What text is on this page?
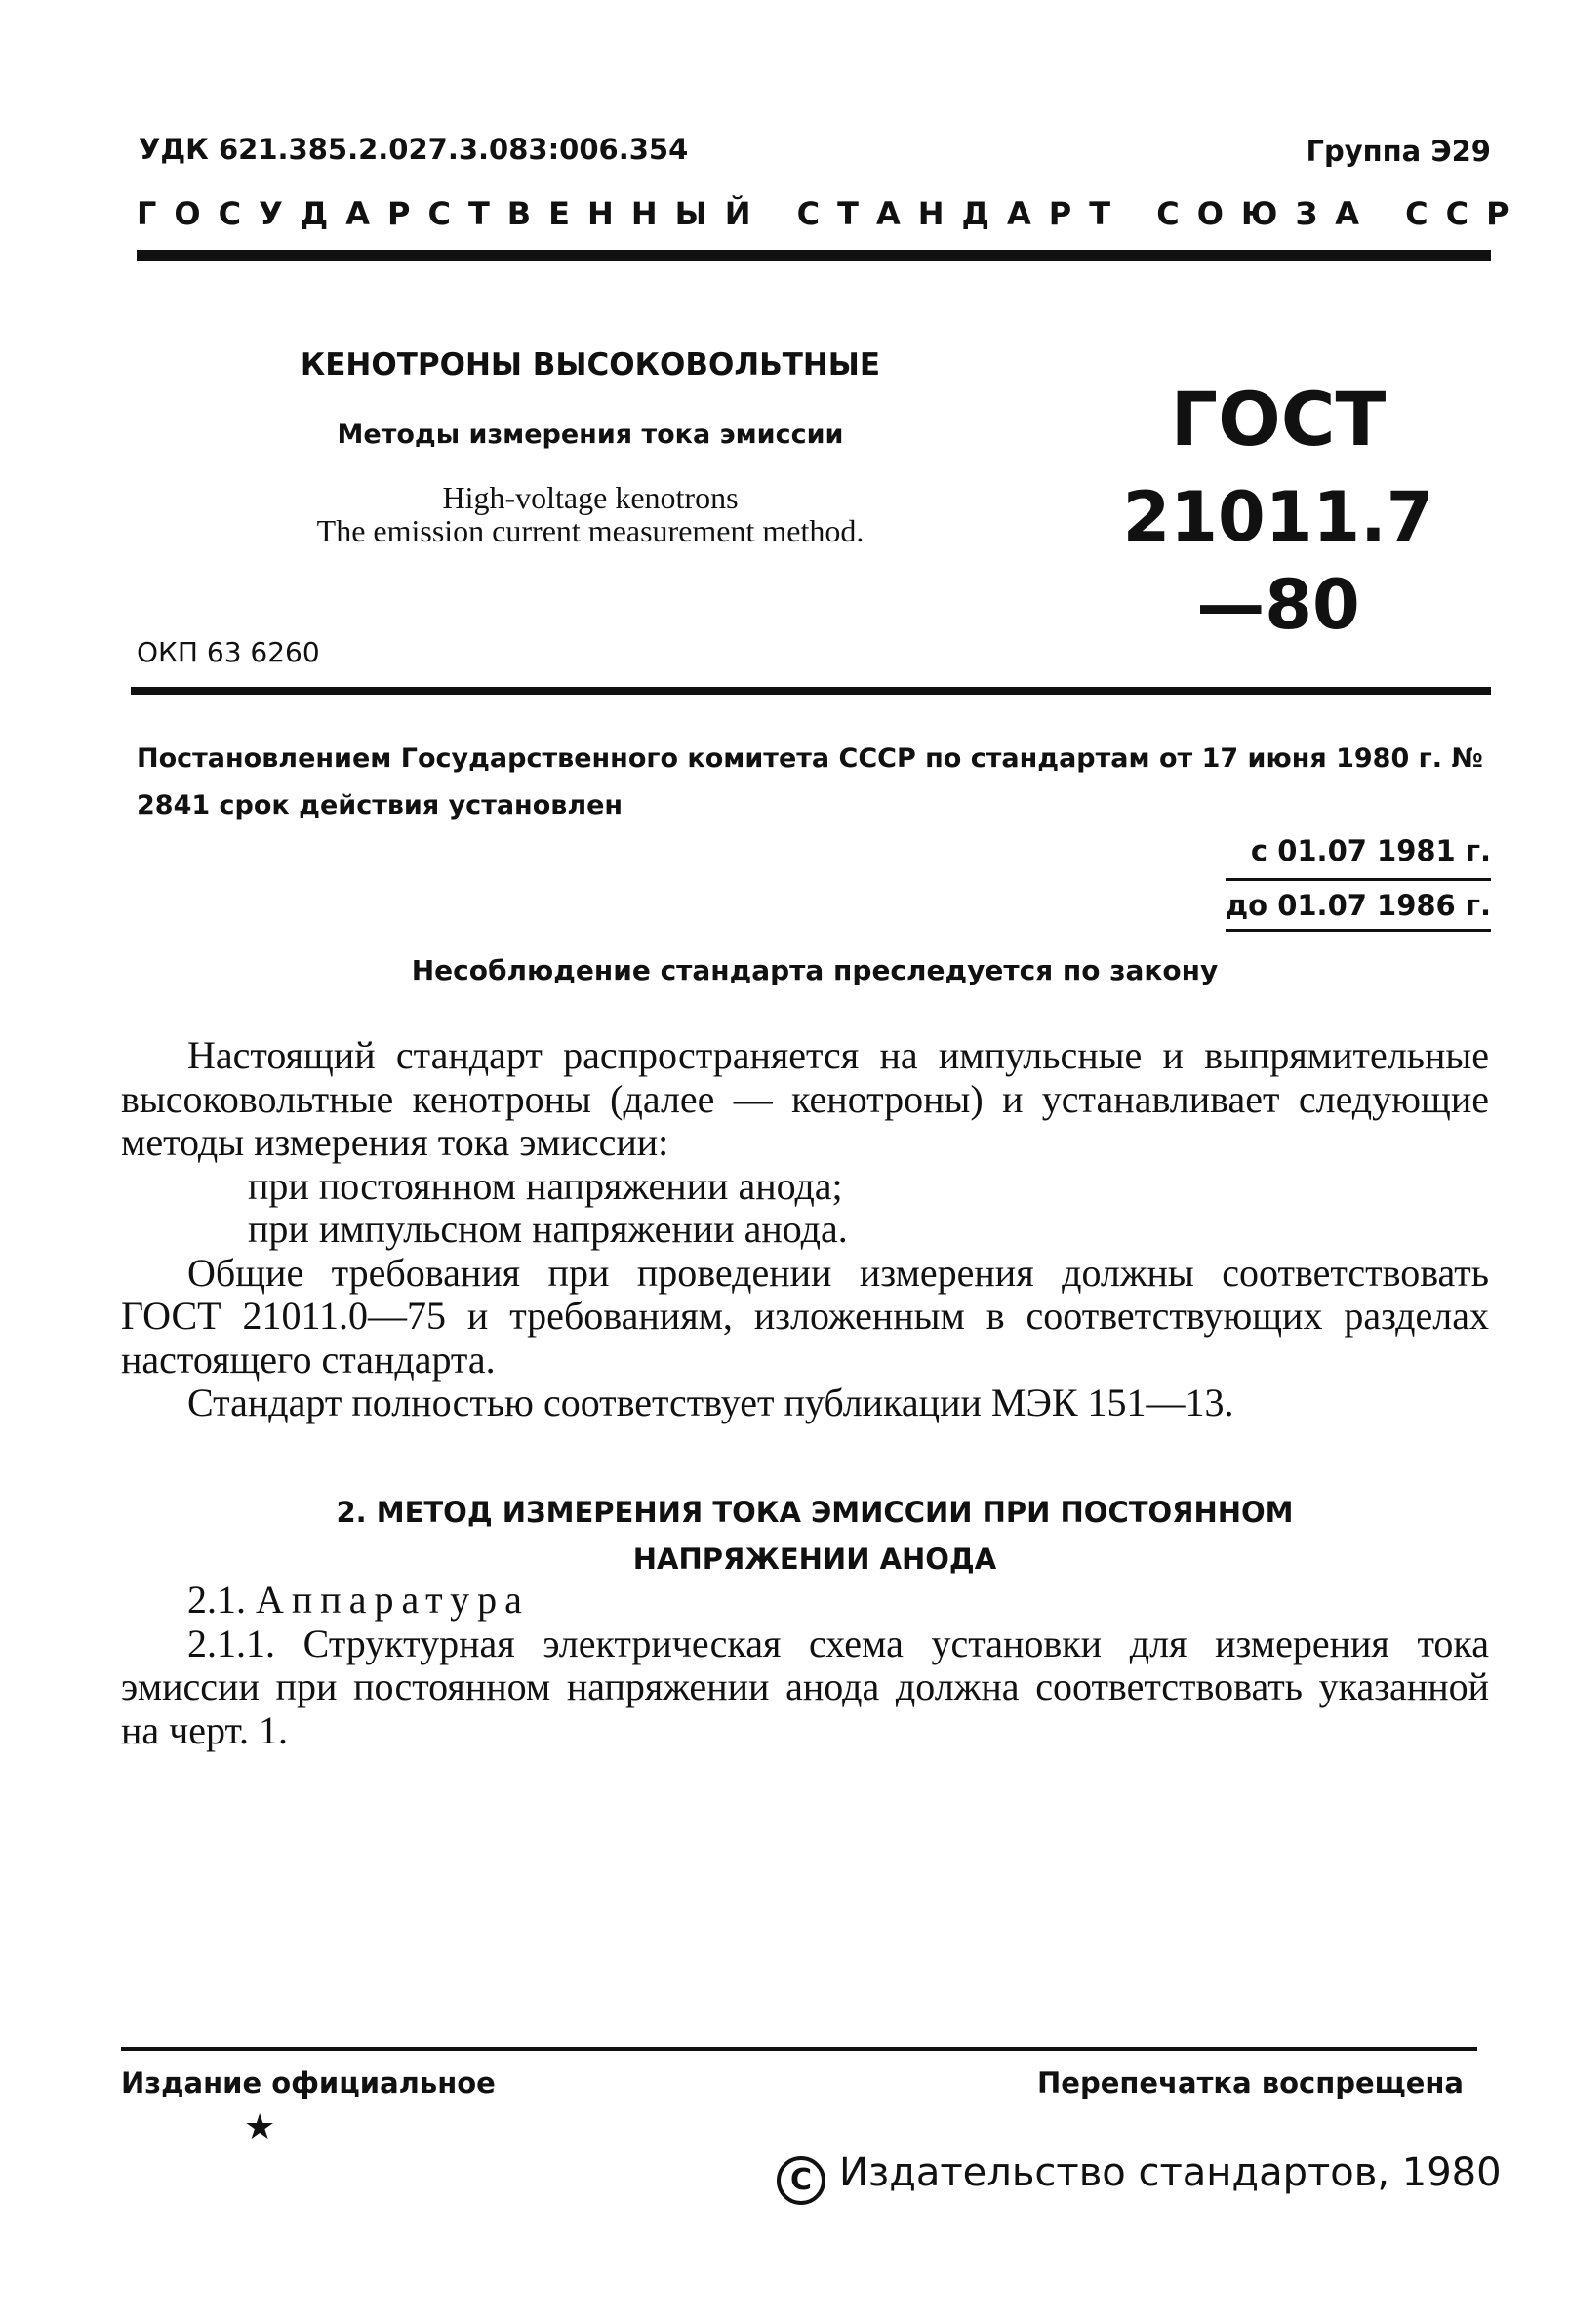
УДК 621.385.2.027.3.083:006.354	Группа Э29
ГОСУДАРСТВЕННЫЙ СТАНДАРТ СОЮЗА ССР
КЕНОТРОНЫ ВЫСОКОВОЛЬТНЫЕ
Методы измерения тока эмиссии
High-voltage kenotrons
The emission current measurement method.
ГОСТ
21011.7—80
ОКП 63 6260
Постановлением Государственного комитета СССР по стандартам от 17 июня 1980 г. № 2841 срок действия установлен
с 01.07 1981 г.
до 01.07 1986 г.
Несоблюдение стандарта преследуется по закону

Настоящий стандарт распространяется на импульсные и выпрямительные высоковольтные кенотроны (далее — кенотроны) и устанавливает следующие методы измерения тока эмиссии:

при постоянном напряжении анода;

при импульсном напряжении анода.

Общие требования при проведении измерения должны соответствовать ГОСТ 21011.0—75 и требованиям, изложенным в соответствующих разделах настоящего стандарта.

Стандарт полностью соответствует публикации МЭК 151—13.

2. МЕТОД ИЗМЕРЕНИЯ ТОКА ЭМИССИИ ПРИ ПОСТОЯННОМ
НАПРЯЖЕНИИ АНОДА

2.1. Аппаратура

2.1.1. Структурная электрическая схема установки для измерения тока эмиссии при постоянном напряжении анода должна соответствовать указанной на черт. 1.

Издание официальное	Перепечатка воспрещена
★
C Издательство стандартов, 1980
